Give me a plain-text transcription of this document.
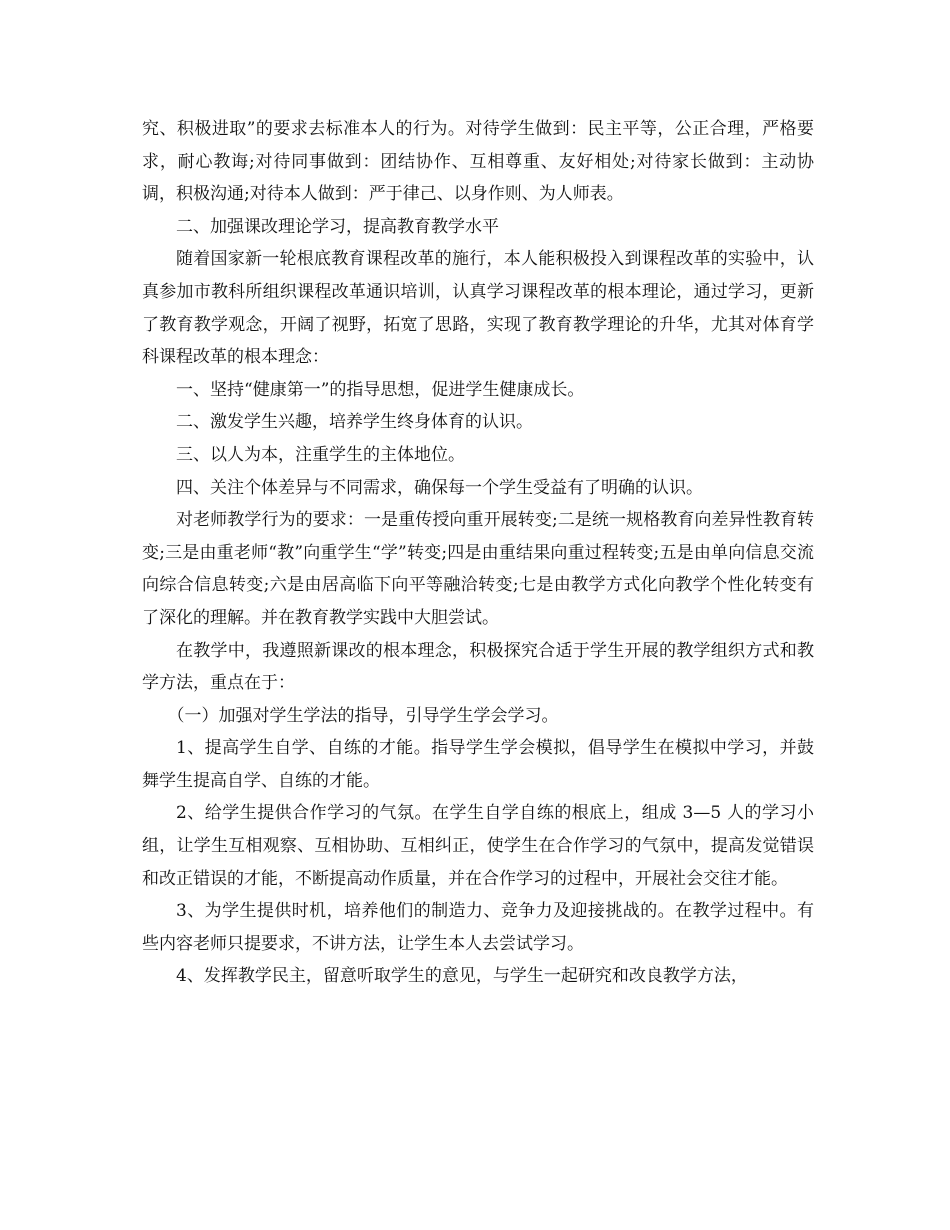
究、积极进取”的要求去标准本人的行为。对待学生做到：民主平等，公正合理，严格要求，耐心教诲;对待同事做到：团结协作、互相尊重、友好相处;对待家长做到：主动协调，积极沟通;对待本人做到：严于律己、以身作则、为人师表。

二、加强课改理论学习，提高教育教学水平

随着国家新一轮根底教育课程改革的施行，本人能积极投入到课程改革的实验中，认真参加市教科所组织课程改革通识培训，认真学习课程改革的根本理论，通过学习，更新了教育教学观念，开阔了视野，拓宽了思路，实现了教育教学理论的升华，尤其对体育学科课程改革的根本理念：

一、坚持“健康第一”的指导思想，促进学生健康成长。

二、激发学生兴趣，培养学生终身体育的认识。

三、以人为本，注重学生的主体地位。

四、关注个体差异与不同需求，确保每一个学生受益有了明确的认识。

对老师教学行为的要求：一是重传授向重开展转变;二是统一规格教育向差异性教育转变;三是由重老师“教”向重学生“学”转变;四是由重结果向重过程转变;五是由单向信息交流向综合信息转变;六是由居高临下向平等融洽转变;七是由教学方式化向教学个性化转变有了深化的理解。并在教育教学实践中大胆尝试。

在教学中，我遵照新课改的根本理念，积极探究合适于学生开展的教学组织方式和教学方法，重点在于：

（一）加强对学生学法的指导，引导学生学会学习。

1、提高学生自学、自练的才能。指导学生学会模拟，倡导学生在模拟中学习，并鼓舞学生提高自学、自练的才能。

2、给学生提供合作学习的气氛。在学生自学自练的根底上，组成 3—5 人的学习小组，让学生互相观察、互相协助、互相纠正，使学生在合作学习的气氛中，提高发觉错误和改正错误的才能，不断提高动作质量，并在合作学习的过程中，开展社会交往才能。

3、为学生提供时机，培养他们的制造力、竞争力及迎接挑战的。在教学过程中。有些内容老师只提要求，不讲方法，让学生本人去尝试学习。

4、发挥教学民主，留意听取学生的意见，与学生一起研究和改良教学方法，
